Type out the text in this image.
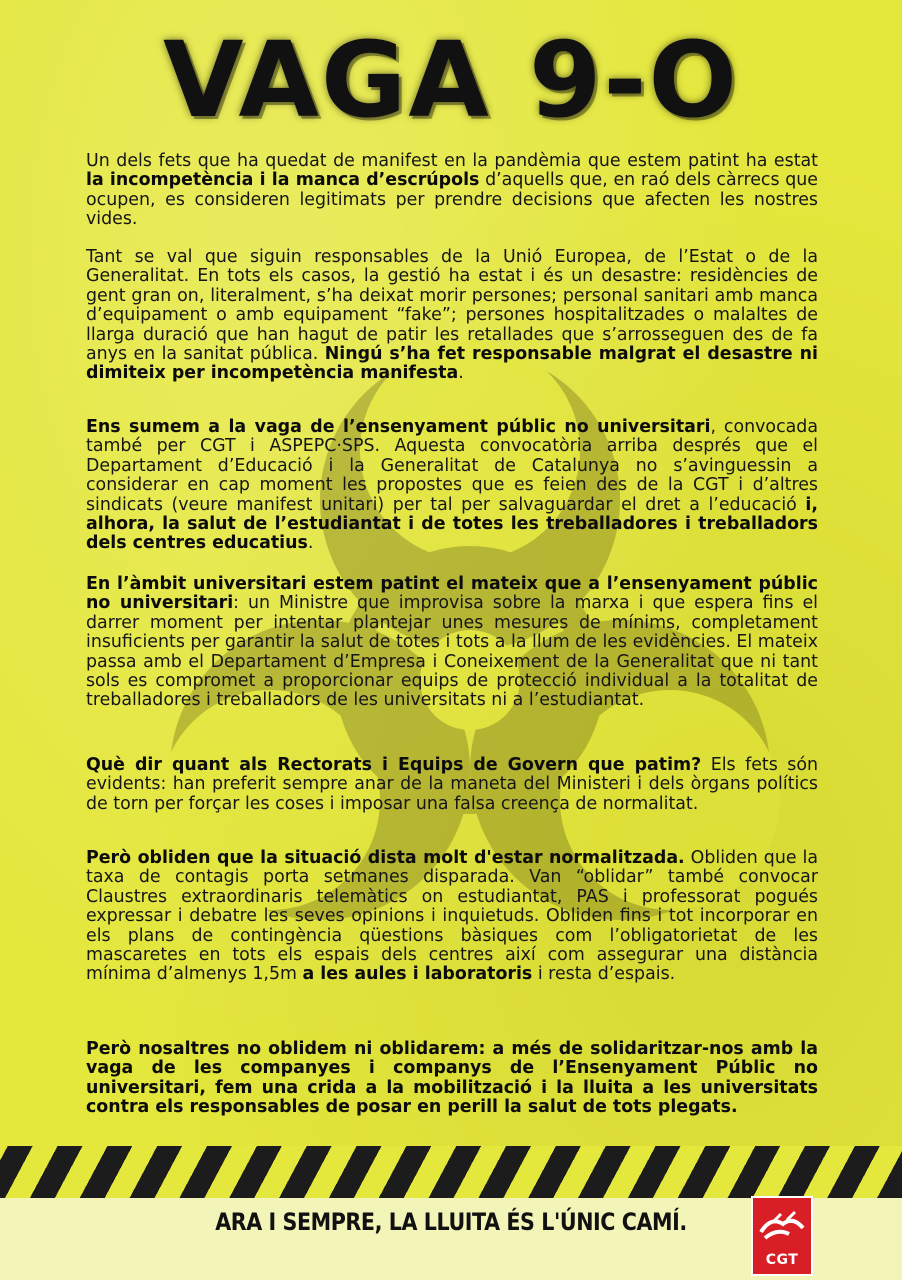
VAGA 9-O
Un dels fets que ha quedat de manifest en la pandèmia que estem patint ha estat la incompetència i la manca d’escrúpols d’aquells que, en raó dels càrrecs que ocupen, es consideren legitimats per prendre decisions que afecten les nostres vides.
Tant se val que siguin responsables de la Unió Europea, de l’Estat o de la Generalitat. En tots els casos, la gestió ha estat i és un desastre: residències de gent gran on, literalment, s’ha deixat morir persones; personal sanitari amb manca d’equipament o amb equipament “fake”; persones hospitalitzades o malaltes de llarga duració que han hagut de patir les retallades que s’arrosseguen des de fa anys en la sanitat pública. Ningú s’ha fet responsable malgrat el desastre ni dimiteix per incompetència manifesta.
Ens sumem a la vaga de l’ensenyament públic no universitari, convocada també per CGT i ASPEPC·SPS. Aquesta convocatòria arriba després que el Departament d’Educació i la Generalitat de Catalunya no s’avinguessin a considerar en cap moment les propostes que es feien des de la CGT i d’altres sindicats (veure manifest unitari) per tal per salvaguardar el dret a l’educació i, alhora, la salut de l’estudiantat i de totes les treballadores i treballadors dels centres educatius.
En l’àmbit universitari estem patint el mateix que a l’ensenyament públic no universitari: un Ministre que improvisa sobre la marxa i que espera fins el darrer moment per intentar plantejar unes mesures de mínims, completament insuficients per garantir la salut de totes i tots a la llum de les evidències. El mateix passa amb el Departament d’Empresa i Coneixement de la Generalitat que ni tant sols es compromet a proporcionar equips de protecció individual a la totalitat de treballadores i treballadors de les universitats ni a l’estudiantat.
Què dir quant als Rectorats i Equips de Govern que patim? Els fets són evidents: han preferit sempre anar de la maneta del Ministeri i dels òrgans polítics de torn per forçar les coses i imposar una falsa creença de normalitat.
Però obliden que la situació dista molt d'estar normalitzada. Obliden que la taxa de contagis porta setmanes disparada. Van “oblidar” també convocar Claustres extraordinaris telemàtics on estudiantat, PAS i professorat pogués expressar i debatre les seves opinions i inquietuds. Obliden fins i tot incorporar en els plans de contingència qüestions bàsiques com l’obligatorietat de les mascaretes en tots els espais dels centres així com assegurar una distància mínima d’almenys 1,5m a les aules i laboratoris i resta d’espais.
Però nosaltres no oblidem ni oblidarem: a més de solidaritzar-nos amb la vaga de les companyes i companys de l’Ensenyament Públic no universitari, fem una crida a la mobilització i la lluita a les universitats contra els responsables de posar en perill la salut de tots plegats.
ARA I SEMPRE, LA LLUITA ÉS L'ÚNIC CAMÍ.
CGT
